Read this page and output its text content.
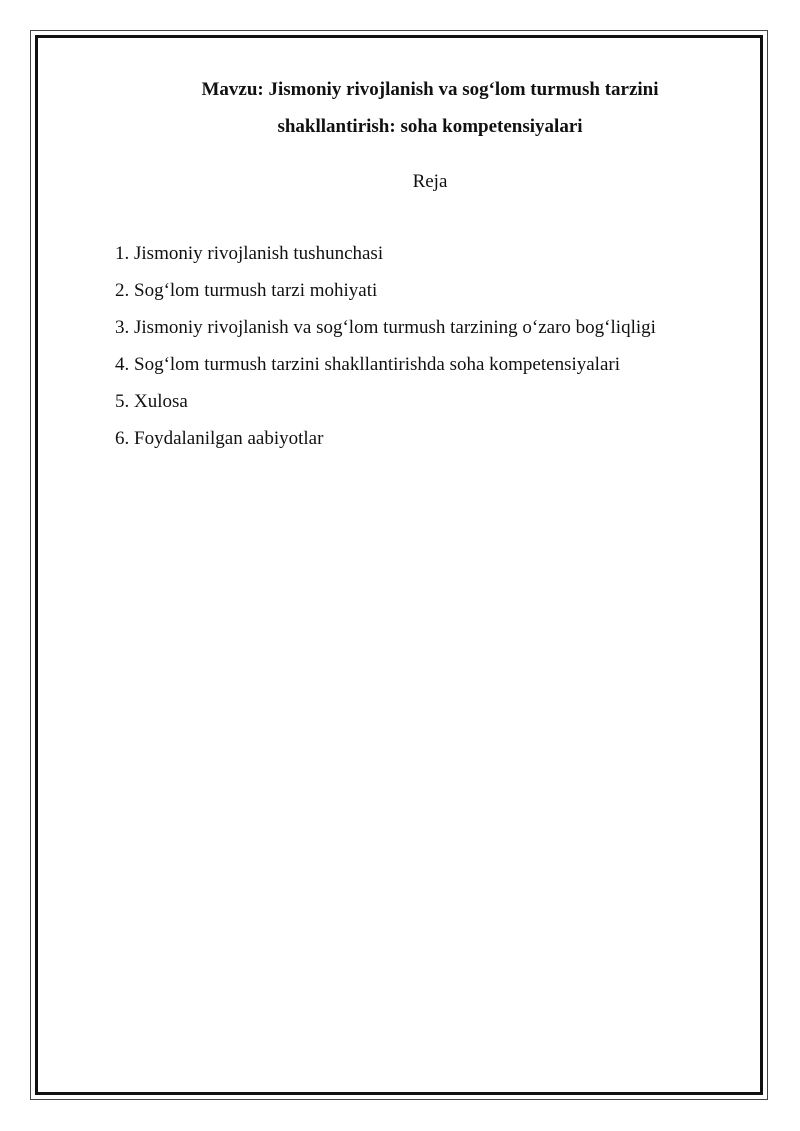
Mavzu: Jismoniy rivojlanish va sog‘lom turmush tarzini
shakllantirish: soha kompetensiyalari
Reja
1. Jismoniy rivojlanish tushunchasi
2. Sog‘lom turmush tarzi mohiyati
3. Jismoniy rivojlanish va sog‘lom turmush tarzining o‘zaro bog‘liqligi
4. Sog‘lom turmush tarzini shakllantirishda soha kompetensiyalari
5. Xulosa
6. Foydalanilgan aabiyotlar
